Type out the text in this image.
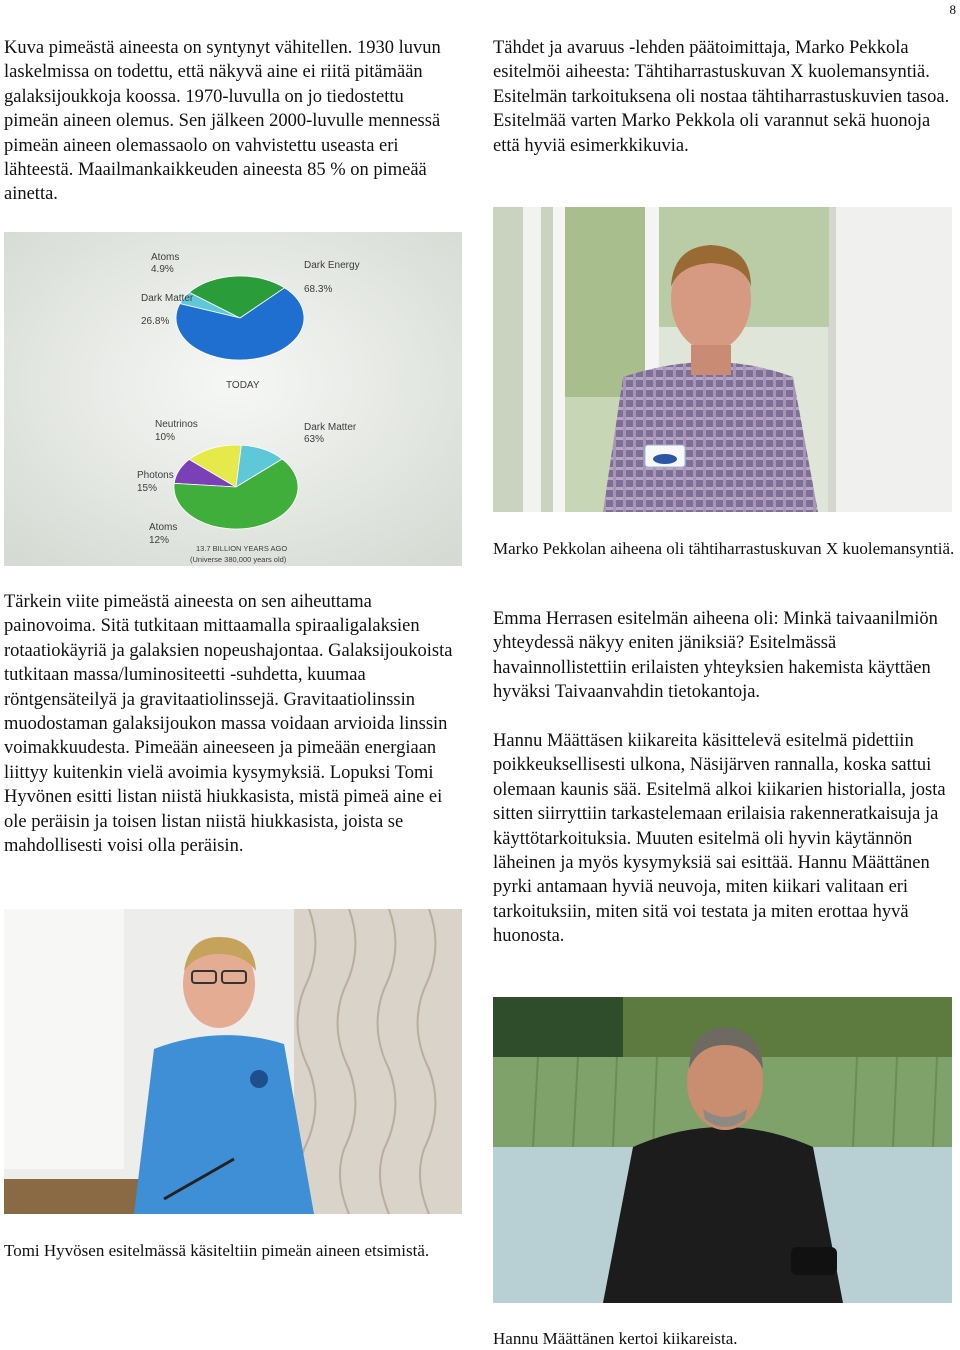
8

Kuva pimeästä aineesta on syntynyt vähitellen. 1930 luvun laskelmissa on todettu, että näkyvä aine ei riitä pitämään galaksijoukkoja koossa. 1970-luvulla on jo tiedostettu pimeän aineen olemus. Sen jälkeen 2000-luvulle mennessä pimeän aineen olemassaolo on vahvistettu useasta eri lähteestä. Maailmankaikkeuden aineesta 85 % on pimeää ainetta.

Tähdet ja avaruus -lehden päätoimittaja, Marko Pekkola esitelmöi aiheesta: Tähtiharrastuskuvan X kuolemansyntiä. Esitelmän tarkoituksena oli nostaa tähtiharrastuskuvien tasoa. Esitelmää varten Marko Pekkola oli varannut sekä huonoja että hyviä esimerkkikuvia.

Atoms
4.9%
Dark Matter
26.8%
Dark Energy
68.3%
TODAY
Neutrinos
10%
Photons
15%
Atoms
12%
Dark Matter
63%
13.7 BILLION YEARS AGO
(Universe 380,000 years old)

Marko Pekkolan aiheena oli tähtiharrastuskuvan X kuolemansyntiä.

Tärkein viite pimeästä aineesta on sen aiheuttama painovoima. Sitä tutkitaan mittaamalla spiraaligalaksien rotaatiokäyriä ja galaksien nopeushajontaa. Galaksijoukoista tutkitaan massa/luminositeetti -suhdetta, kuumaa röntgensäteilyä ja gravitaatiolinssejä. Gravitaatiolinssin muodostaman galaksijoukon massa voidaan arvioida linssin voimakkuudesta. Pimeään aineeseen ja pimeään energiaan liittyy kuitenkin vielä avoimia kysymyksiä. Lopuksi Tomi Hyvönen esitti listan niistä hiukkasista, mistä pimeä aine ei ole peräisin ja toisen listan niistä hiukkasista, joista se mahdollisesti voisi olla peräisin.

Emma Herrasen esitelmän aiheena oli: Minkä taivaanilmiön yhteydessä näkyy eniten jäniksiä? Esitelmässä havainnollistettiin erilaisten yhteyksien hakemista käyttäen hyväksi Taivaanvahdin tietokantoja.

Hannu Määttäsen kiikareita käsittelevä esitelmä pidettiin poikkeuksellisesti ulkona, Näsijärven rannalla, koska sattui olemaan kaunis sää. Esitelmä alkoi kiikarien historialla, josta sitten siirryttiin tarkastelemaan erilaisia rakenneratkaisuja ja käyttötarkoituksia. Muuten esitelmä oli hyvin käytännön läheinen ja myös kysymyksiä sai esittää. Hannu Määttänen pyrki antamaan hyviä neuvoja, miten kiikari valitaan eri tarkoituksiin, miten sitä voi testata ja miten erottaa hyvä huonosta.

Tomi Hyvösen esitelmässä käsiteltiin pimeän aineen etsimistä.

Hannu Määttänen kertoi kiikareista.
